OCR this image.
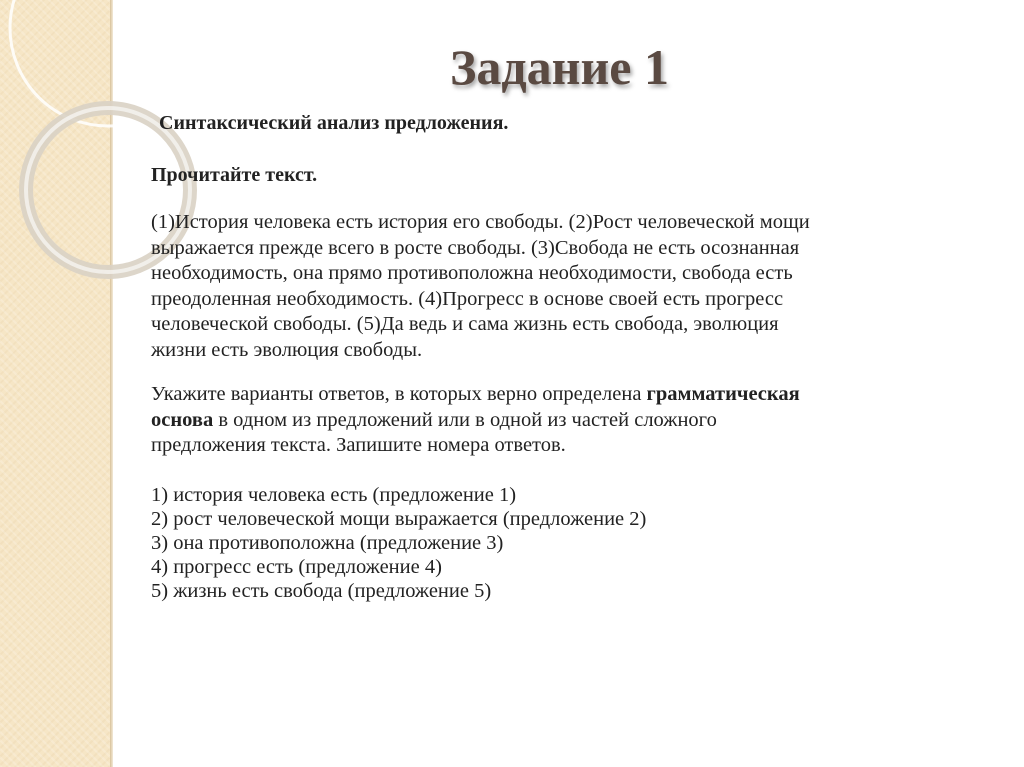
Задание 1
Синтаксический анализ предложения.
Прочитайте текст.
(1)История человека есть история его свободы. (2)Рост человеческой мощи
выражается прежде всего в росте свободы. (3)Свобода не есть осознанная
необходимость, она прямо противоположна необходимости, свобода есть
преодоленная необходимость. (4)Прогресс в основе своей есть прогресс
человеческой свободы. (5)Да ведь и сама жизнь есть свобода, эволюция
жизни есть эволюция свободы.
Укажите варианты ответов, в которых верно определена грамматическая
основа в одном из предложений или в одной из частей сложного
предложения текста. Запишите номера ответов.
1) история человека есть (предложение 1)
2) рост человеческой мощи выражается (предложение 2)
3) она противоположна (предложение 3)
4) прогресс есть (предложение 4)
5) жизнь есть свобода (предложение 5)
